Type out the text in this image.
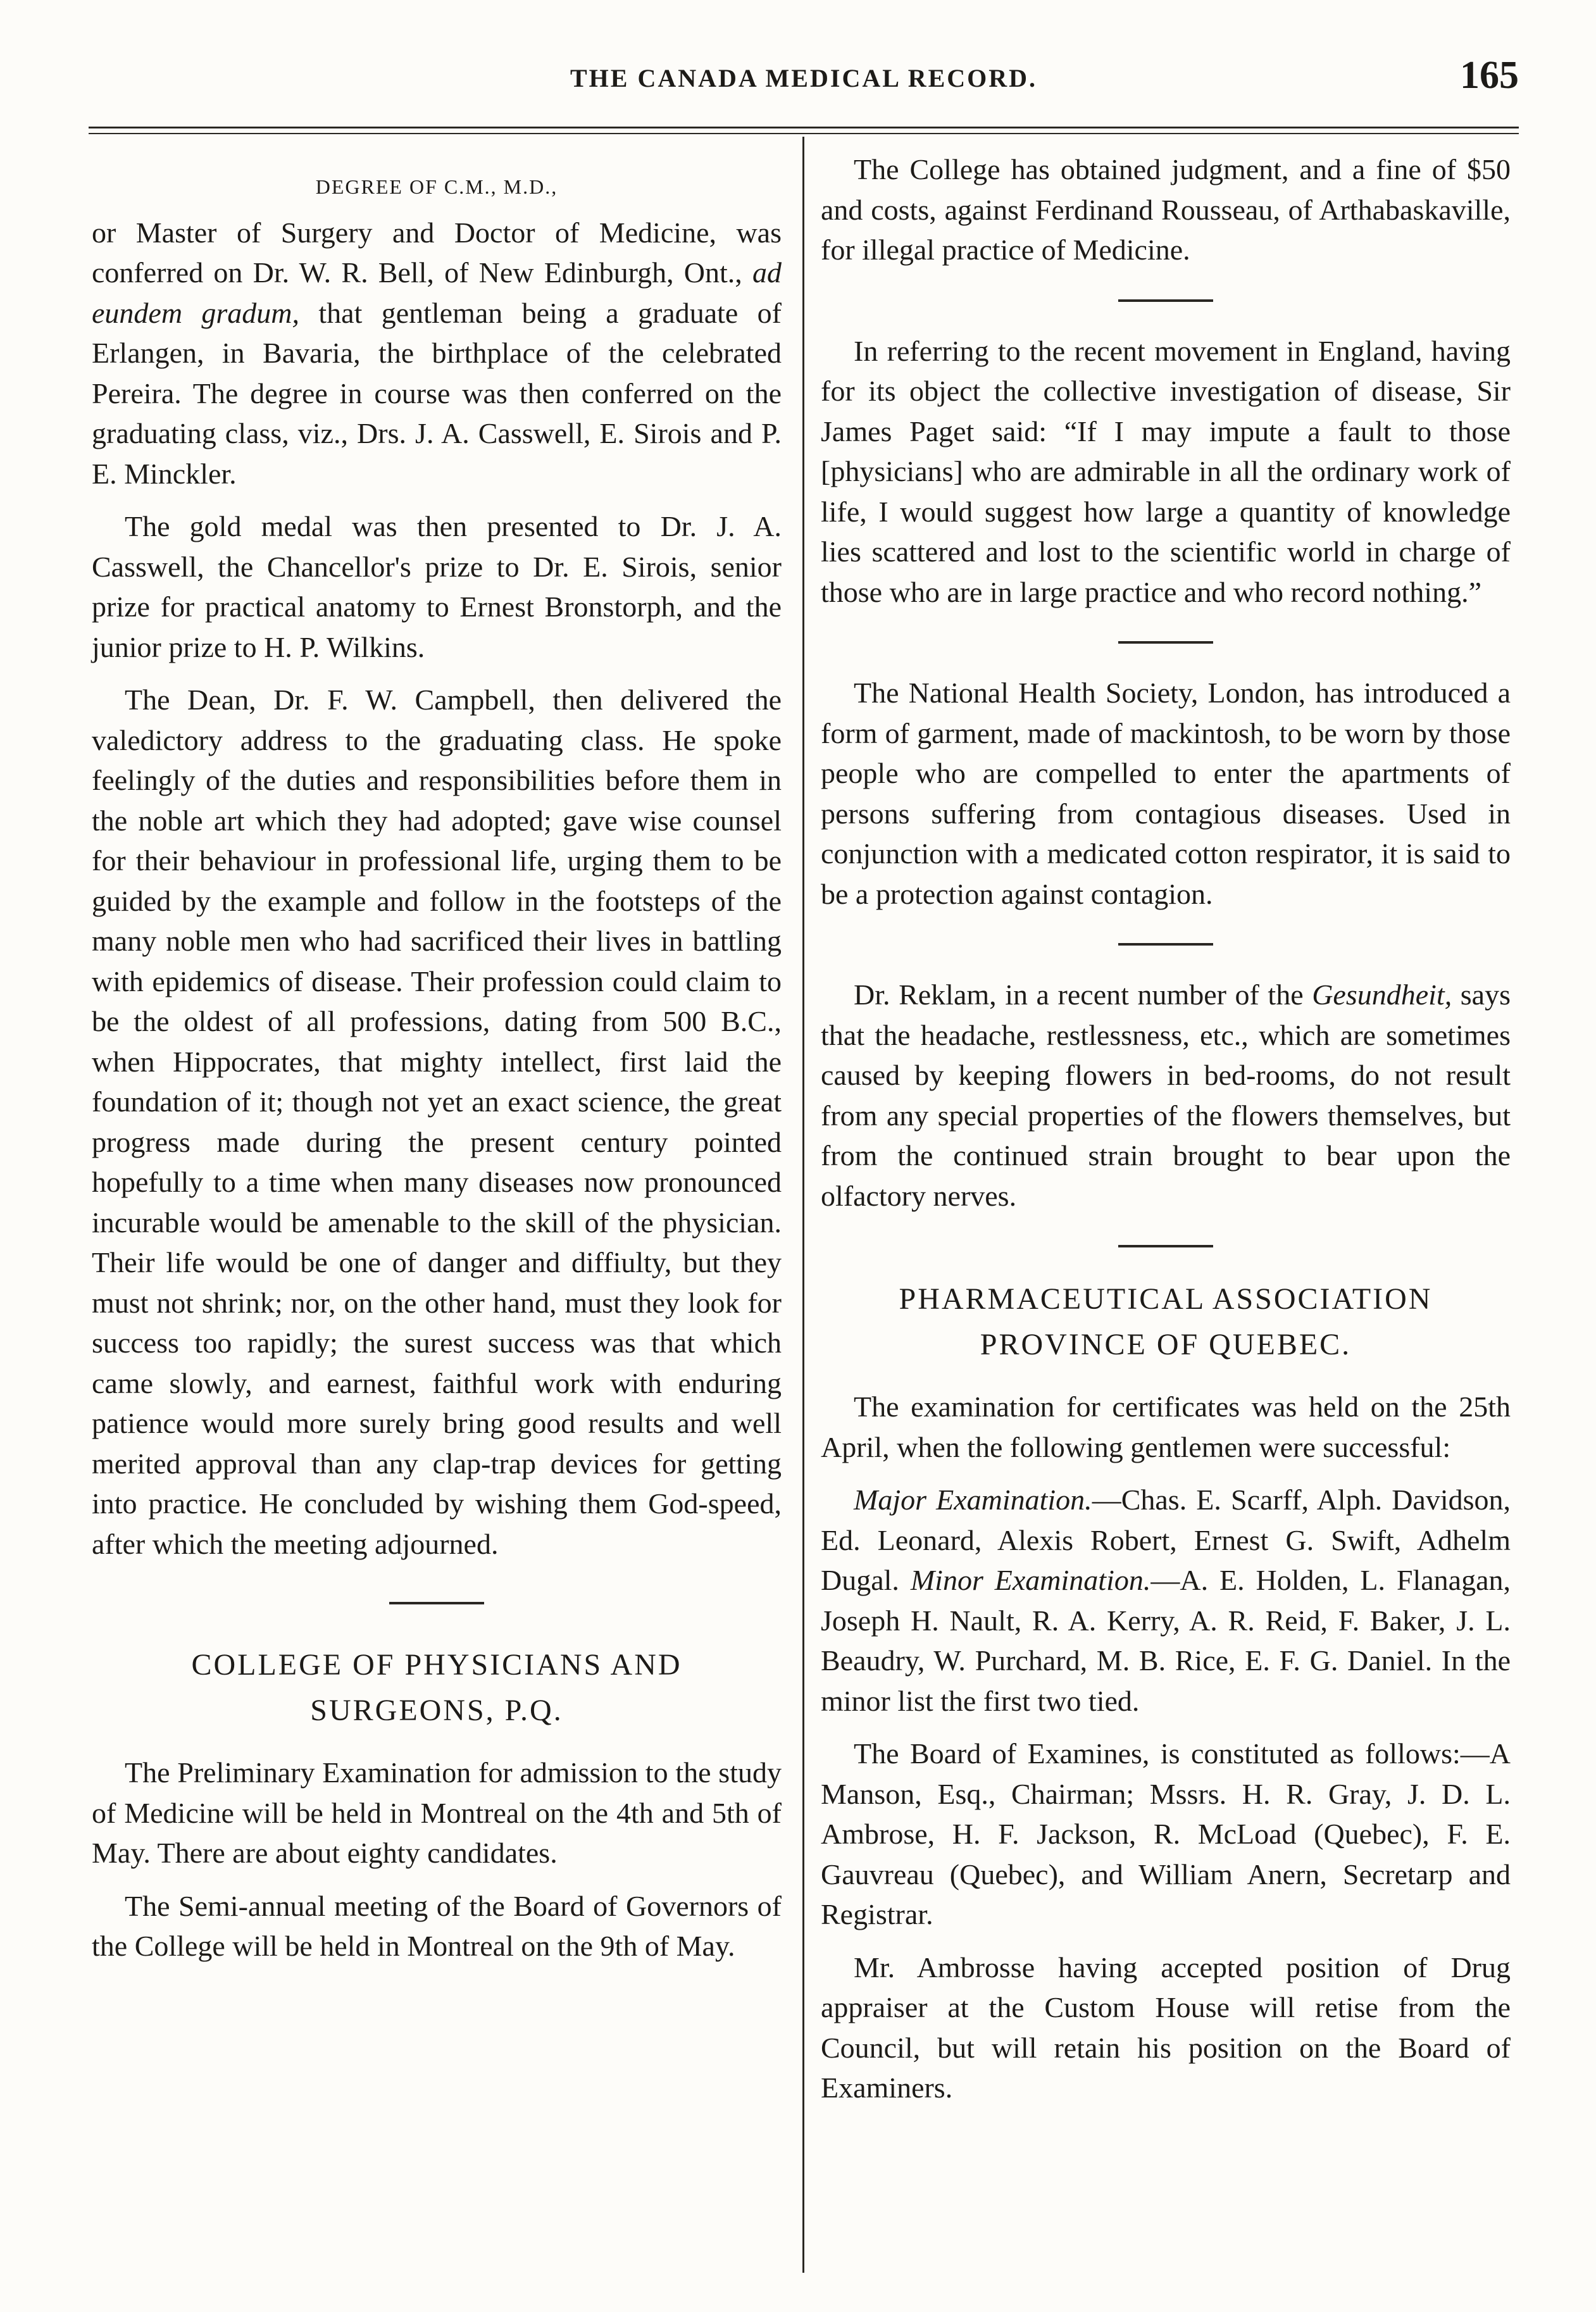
THE CANADA MEDICAL RECORD.	165
DEGREE OF C.M., M.D.,

or Master of Surgery and Doctor of Medicine, was conferred on Dr. W. R. Bell, of New Edinburgh, Ont., ad eundem gradum, that gentleman being a graduate of Erlangen, in Bavaria, the birthplace of the celebrated Pereira. The degree in course was then conferred on the graduating class, viz., Drs. J. A. Casswell, E. Sirois and P. E. Minckler.

The gold medal was then presented to Dr. J. A. Casswell, the Chancellor's prize to Dr. E. Sirois, senior prize for practical anatomy to Ernest Bronstorph, and the junior prize to H. P. Wilkins.

The Dean, Dr. F. W. Campbell, then delivered the valedictory address to the graduating class. He spoke feelingly of the duties and responsibilities before them in the noble art which they had adopted; gave wise counsel for their behaviour in professional life, urging them to be guided by the example and follow in the footsteps of the many noble men who had sacrificed their lives in battling with epidemics of disease. Their profession could claim to be the oldest of all professions, dating from 500 B.C., when Hippocrates, that mighty intellect, first laid the foundation of it; though not yet an exact science, the great progress made during the present century pointed hopefully to a time when many diseases now pronounced incurable would be amenable to the skill of the physician. Their life would be one of danger and diffiulty, but they must not shrink; nor, on the other hand, must they look for success too rapidly; the surest success was that which came slowly, and earnest, faithful work with enduring patience would more surely bring good results and well merited approval than any clap-trap devices for getting into practice. He concluded by wishing them God-speed, after which the meeting adjourned.

COLLEGE OF PHYSICIANS AND SURGEONS, P.Q.

The Preliminary Examination for admission to the study of Medicine will be held in Montreal on the 4th and 5th of May. There are about eighty candidates.

The Semi-annual meeting of the Board of Governors of the College will be held in Montreal on the 9th of May.

The College has obtained judgment, and a fine of $50 and costs, against Ferdinand Rousseau, of Arthabaskaville, for illegal practice of Medicine.

In referring to the recent movement in England, having for its object the collective investigation of disease, Sir James Paget said: “If I may impute a fault to those [physicians] who are admirable in all the ordinary work of life, I would suggest how large a quantity of knowledge lies scattered and lost to the scientific world in charge of those who are in large practice and who record nothing.”

The National Health Society, London, has introduced a form of garment, made of mackintosh, to be worn by those people who are compelled to enter the apartments of persons suffering from contagious diseases. Used in conjunction with a medicated cotton respirator, it is said to be a protection against contagion.

Dr. Reklam, in a recent number of the Gesundheit, says that the headache, restlessness, etc., which are sometimes caused by keeping flowers in bed-rooms, do not result from any special properties of the flowers themselves, but from the continued strain brought to bear upon the olfactory nerves.

PHARMACEUTICAL ASSOCIATION PROVINCE OF QUEBEC.

The examination for certificates was held on the 25th April, when the following gentlemen were successful:

Major Examination.—Chas. E. Scarff, Alph. Davidson, Ed. Leonard, Alexis Robert, Ernest G. Swift, Adhelm Dugal. Minor Examination.—A. E. Holden, L. Flanagan, Joseph H. Nault, R. A. Kerry, A. R. Reid, F. Baker, J. L. Beaudry, W. Purchard, M. B. Rice, E. F. G. Daniel. In the minor list the first two tied.

The Board of Examines, is constituted as follows:—A Manson, Esq., Chairman; Mssrs. H. R. Gray, J. D. L. Ambrose, H. F. Jackson, R. McLoad (Quebec), F. E. Gauvreau (Quebec), and William Anern, Secretarp and Registrar.

Mr. Ambrosse having accepted position of Drug appraiser at the Custom House will retise from the Council, but will retain his position on the Board of Examiners.
